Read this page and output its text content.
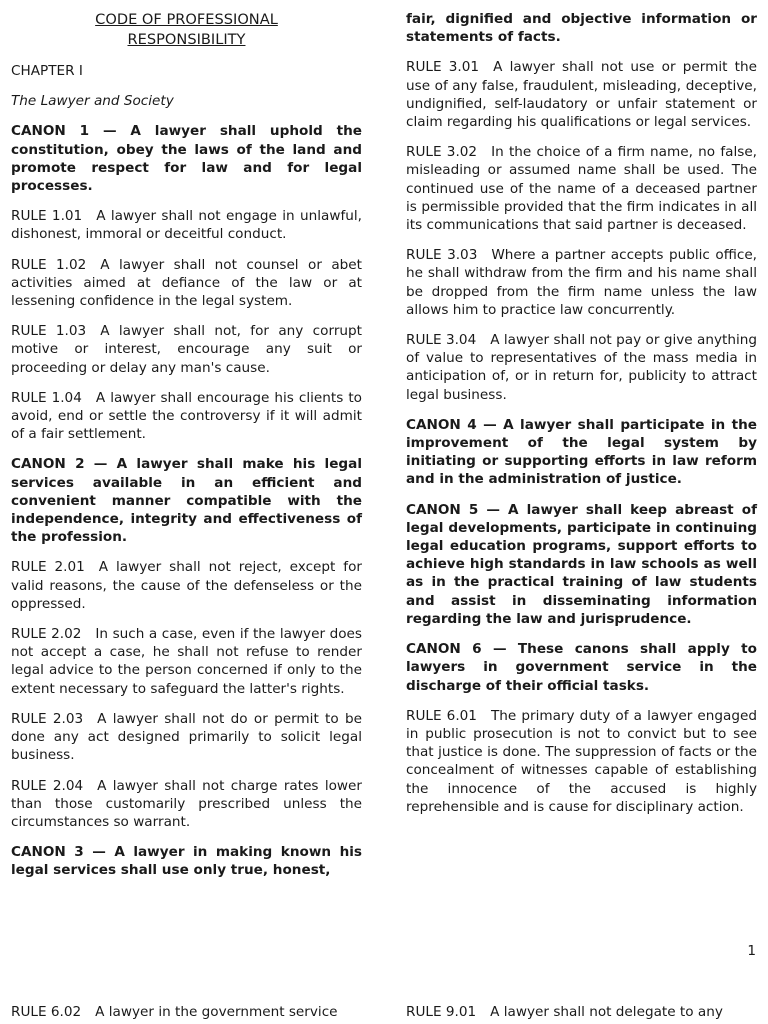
CODE OF PROFESSIONAL
RESPONSIBILITY
CHAPTER I
The Lawyer and Society
CANON 1 — A lawyer shall uphold the constitution, obey the laws of the land and promote respect for law and for legal processes.
RULE 1.01 A lawyer shall not engage in unlawful, dishonest, immoral or deceitful conduct.
RULE 1.02 A lawyer shall not counsel or abet activities aimed at defiance of the law or at lessening confidence in the legal system.
RULE 1.03 A lawyer shall not, for any corrupt motive or interest, encourage any suit or proceeding or delay any man's cause.
RULE 1.04 A lawyer shall encourage his clients to avoid, end or settle the controversy if it will admit of a fair settlement.
CANON 2 — A lawyer shall make his legal services available in an efficient and convenient manner compatible with the independence, integrity and effectiveness of the profession.
RULE 2.01 A lawyer shall not reject, except for valid reasons, the cause of the defenseless or the oppressed.
RULE 2.02 In such a case, even if the lawyer does not accept a case, he shall not refuse to render legal advice to the person concerned if only to the extent necessary to safeguard the latter's rights.
RULE 2.03 A lawyer shall not do or permit to be done any act designed primarily to solicit legal business.
RULE 2.04 A lawyer shall not charge rates lower than those customarily prescribed unless the circumstances so warrant.
CANON 3 — A lawyer in making known his legal services shall use only true, honest,
fair, dignified and objective information or statements of facts.
RULE 3.01 A lawyer shall not use or permit the use of any false, fraudulent, misleading, deceptive, undignified, self-laudatory or unfair statement or claim regarding his qualifications or legal services.
RULE 3.02 In the choice of a firm name, no false, misleading or assumed name shall be used. The continued use of the name of a deceased partner is permissible provided that the firm indicates in all its communications that said partner is deceased.
RULE 3.03 Where a partner accepts public office, he shall withdraw from the firm and his name shall be dropped from the firm name unless the law allows him to practice law concurrently.
RULE 3.04 A lawyer shall not pay or give anything of value to representatives of the mass media in anticipation of, or in return for, publicity to attract legal business.
CANON 4 — A lawyer shall participate in the improvement of the legal system by initiating or supporting efforts in law reform and in the administration of justice.
CANON 5 — A lawyer shall keep abreast of legal developments, participate in continuing legal education programs, support efforts to achieve high standards in law schools as well as in the practical training of law students and assist in disseminating information regarding the law and jurisprudence.
CANON 6 — These canons shall apply to lawyers in government service in the discharge of their official tasks.
RULE 6.01 The primary duty of a lawyer engaged in public prosecution is not to convict but to see that justice is done. The suppression of facts or the concealment of witnesses capable of establishing the innocence of the accused is highly reprehensible and is cause for disciplinary action.
1
RULE 6.02 A lawyer in the government service	RULE 9.01 A lawyer shall not delegate to any
